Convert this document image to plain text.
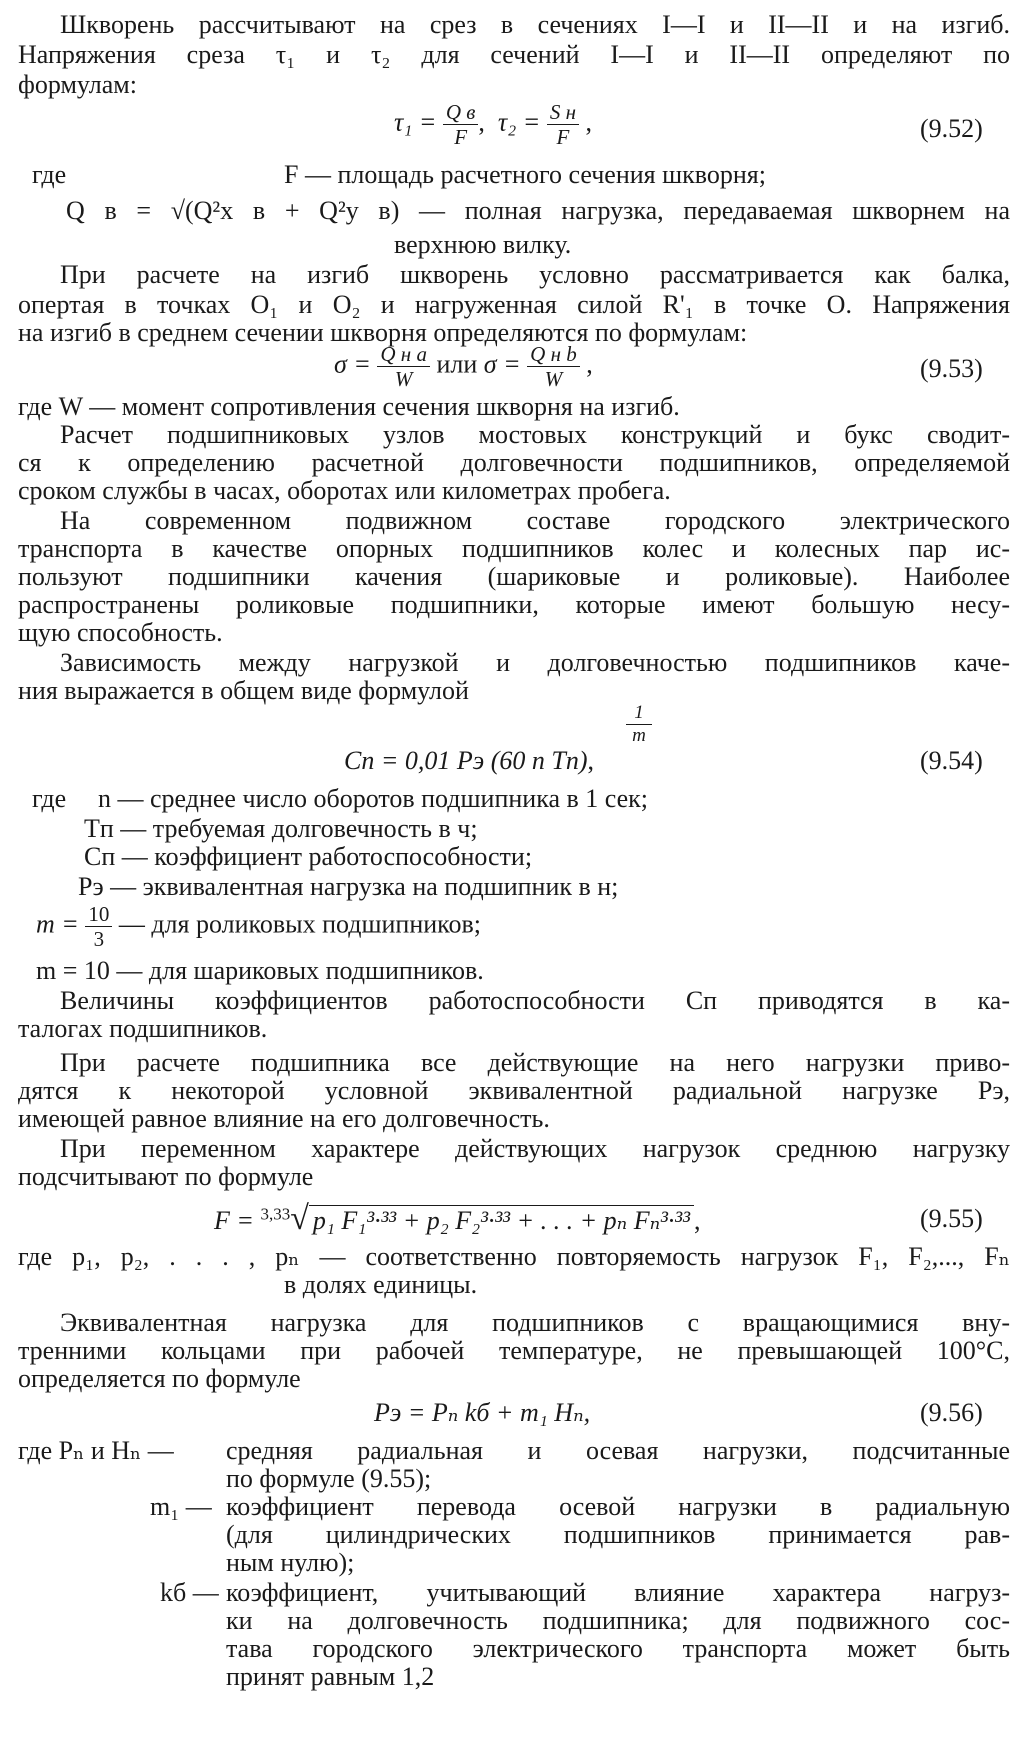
Шкворень рассчитывают на срез в сечениях I—I и II—II и на изгиб.
Напряжения среза τ₁ и τ₂ для сечений I—I и II—II определяют по
формулам:
$\tau_1 = \frac{\text{Q в}}{F}$ , $\tau_2 = \frac{\text{S н}}{F}$ ,	(9.52)
где	F — площадь расчетного сечения шкворня;
Q в = √(Q²x в + Q²y в) — полная нагрузка, передаваемая шкворнем на
верхнюю вилку.
При расчете на изгиб шкворень условно рассматривается как балка,
опертая в точках O₁ и O₂ и нагруженная силой R'₁ в точке O. Напряжения
на изгиб в среднем сечении шкворня определяются по формулам:
$\sigma = \frac{\text{Q н a}}{W}$ или $\sigma = \frac{\text{Q н b}}{W}$ ,	(9.53)
где W — момент сопротивления сечения шкворня на изгиб.
Расчет подшипниковых узлов мостовых конструкций и букс сводит-
ся к определению расчетной долговечности подшипников, определяемой
сроком службы в часах, оборотах или километрах пробега.
На современном подвижном составе городского электрического
транспорта в качестве опорных подшипников колес и колесных пар ис-
пользуют подшипники качения (шариковые и роликовые). Наиболее
распространены роликовые подшипники, которые имеют большую несу-
щую способность.
Зависимость между нагрузкой и долговечностью подшипников каче-
ния выражается в общем виде формулой
Cп = 0,01 Pэ (60 n Tп),
$\frac{1}{m}$
(9.54)
где n — среднее число оборотов подшипника в 1 сек;
Tп — требуемая долговечность в ч;
Cп — коэффициент работоспособности;
Pэ — эквивалентная нагрузка на подшипник в н;
$m = \frac{10}{3}$ — для роликовых подшипников;
m = 10 — для шариковых подшипников.
Величины коэффициентов работоспособности Cп приводятся в ка-
талогах подшипников.
При расчете подшипника все действующие на него нагрузки приво-
дятся к некоторой условной эквивалентной радиальной нагрузке Pэ,
имеющей равное влияние на его долговечность.
При переменном характере действующих нагрузок среднюю нагрузку
подсчитывают по формуле
F = $^{3,33}$√ p₁ F₁³·³³ + p₂ F₂³·³³ + . . . + pₙ Fₙ³·³³ ,	(9.55)
где p₁, p₂, . . . , pₙ — соответственно повторяемость нагрузок F₁, F₂,..., Fₙ
в долях единицы.
Эквивалентная нагрузка для подшипников с вращающимися вну-
тренними кольцами при рабочей температуре, не превышающей 100°С,
определяется по формуле
Pэ = Pₙ kб + m₁ Hₙ,	(9.56)
где Pₙ и Hₙ — средняя радиальная и осевая нагрузки, подсчитанные
по формуле (9.55);
m₁ — коэффициент перевода осевой нагрузки в радиальную
(для цилиндрических подшипников принимается рав-
ным нулю);
kб — коэффициент, учитывающий влияние характера нагруз-
ки на долговечность подшипника; для подвижного сос-
тава городского электрического транспорта может быть
принят равным 1,2
